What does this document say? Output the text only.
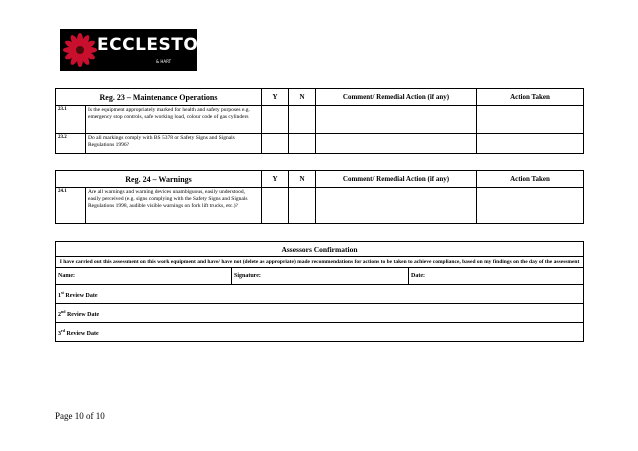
ECCLESTON
& HART
Reg. 23 – Maintenance Operations		Y	N	Comment/ Remedial Action (if any)	Action Taken
23.1	Is the equipment appropriately marked for health and safety purposes e.g. emergency stop controls, safe working load, colour code of gas cylinders				
23.2	Do all markings comply with BS 5378 or Safety Signs and Signals Regulations 1996?				
Reg. 24 – Warnings		Y	N	Comment/ Remedial Action (if any)	Action Taken
24.1	Are all warnings and warning devices unambiguous, easily understood, easily perceived (e.g. signs complying with the Safety Signs and Signals Regulations 1998, audible visible warnings on fork lift trucks, etc.)?				
Assessors Confirmation
I have carried out this assessment on this work equipment and have/ have not (delete as appropriate) made recommendations for actions to be taken to achieve compliance, based on my findings on the day of the assessment
Name:	Signature:	Date:
1st Review Date
2nd Review Date
3rd Review Date
Page 10 of 10
